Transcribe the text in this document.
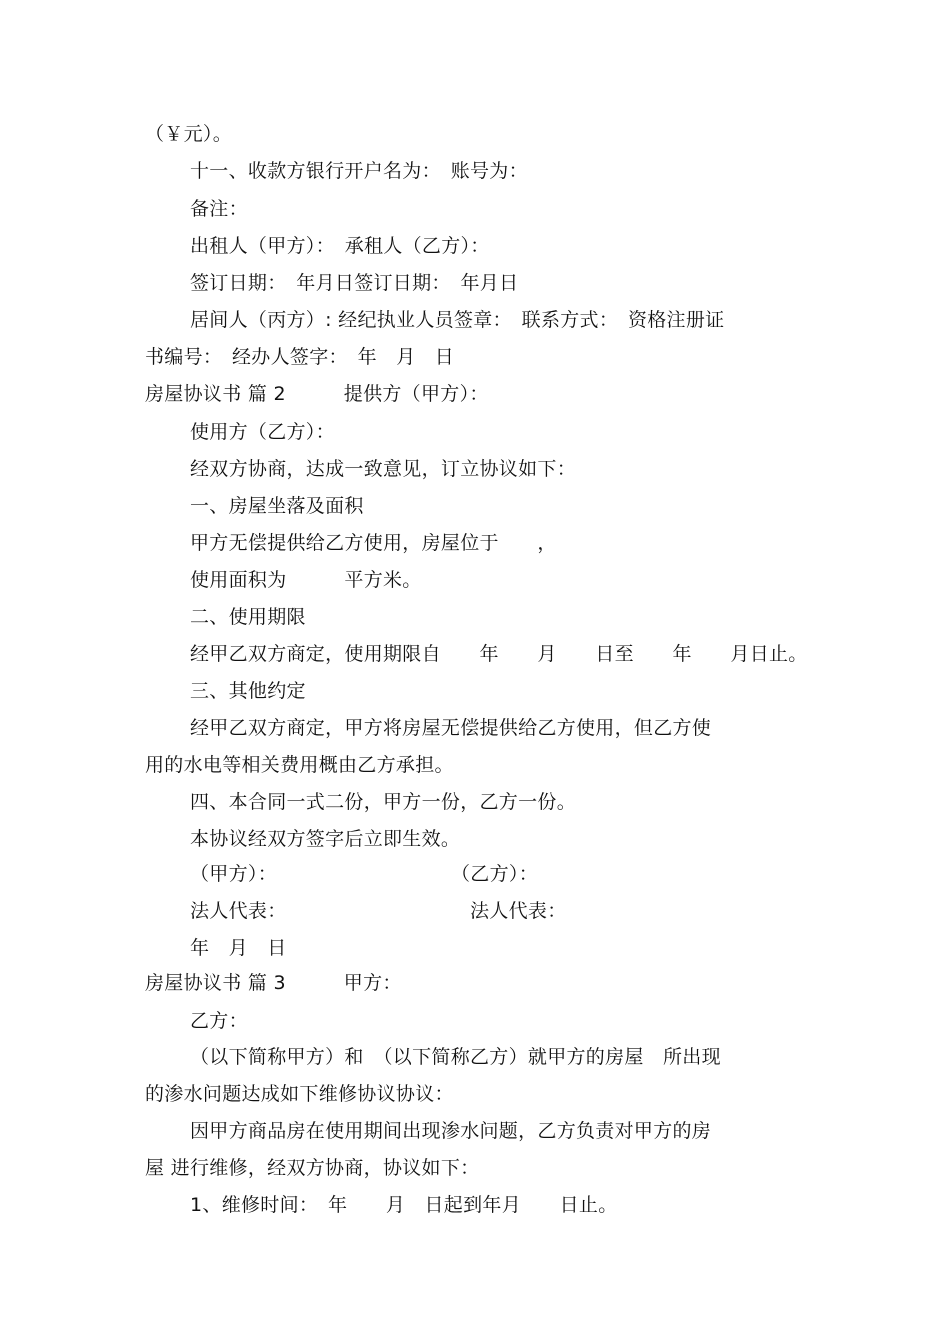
（￥元）。
十一、收款方银行开户名为：　账号为：
备注：
出租人（甲方）：　承租人（乙方）：
签订日期：　年月日签订日期：　年月日
居间人（丙方）: 经纪执业人员签章：　联系方式：　资格注册证
书编号：　经办人签字：　年　月　日
房屋协议书 篇 2　　　提供方（甲方）：
使用方（乙方）：
经双方协商，达成一致意见，订立协议如下：
一、房屋坐落及面积
甲方无偿提供给乙方使用，房屋位于　　，
使用面积为　　　平方米。
二、使用期限
经甲乙双方商定，使用期限自　　年　　月　　日至　　年　　月日止。
三、其他约定
经甲乙双方商定，甲方将房屋无偿提供给乙方使用，但乙方使
用的水电等相关费用概由乙方承担。
四、本合同一式二份，甲方一份，乙方一份。
本协议经双方签字后立即生效。
（甲方）：　　　　　　　　　　（乙方）：
法人代表：　　　　　　　　　　法人代表：
年　月　日
房屋协议书 篇 3　　　甲方：
乙方：
（以下简称甲方）和　（以下简称乙方）就甲方的房屋　所出现
的渗水问题达成如下维修协议协议：
因甲方商品房在使用期间出现渗水问题，乙方负责对甲方的房
屋 进行维修，经双方协商，协议如下：
1、维修时间：　年　　月　日起到年月　　日止。
